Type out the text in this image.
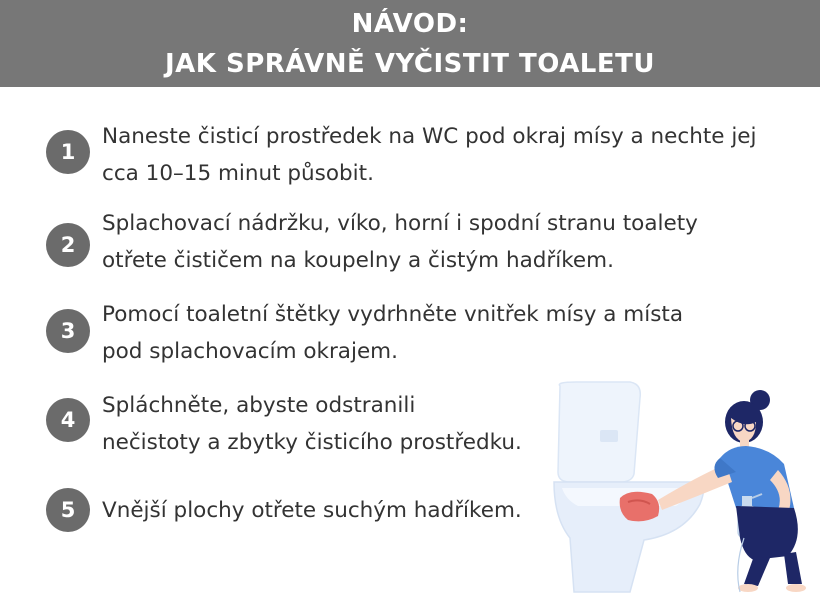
NÁVOD:
JAK SPRÁVNĚ VYČISTIT TOALETU
1
Naneste čisticí prostředek na WC pod okraj mísy a nechte jej
cca 10–15 minut působit.
2
Splachovací nádržku, víko, horní i spodní stranu toalety
otřete čističem na koupelny a čistým hadříkem.
3
Pomocí toaletní štětky vydrhněte vnitřek mísy a místa
pod splachovacím okrajem.
4
Spláchněte, abyste odstranili
nečistoty a zbytky čisticího prostředku.
5	Vnější plochy otřete suchým hadříkem.
